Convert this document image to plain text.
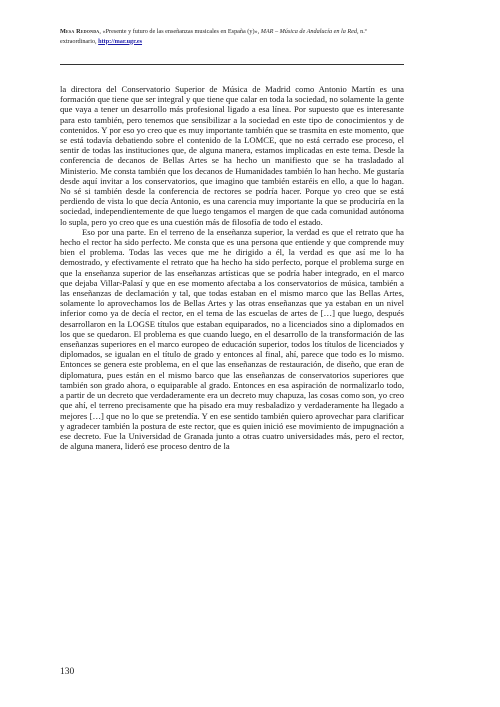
Mesa Redonda, «Presente y futuro de las enseñanzas musicales en España (y)», MAR – Música de Andalucía en la Red, n.º extraordinario, http://mar.ugr.es

la directora del Conservatorio Superior de Música de Madrid como Antonio Martín es una formación que tiene que ser integral y que tiene que calar en toda la sociedad, no solamente la gente que vaya a tener un desarrollo más profesional ligado a esa línea. Por supuesto que es interesante para esto también, pero tenemos que sensibilizar a la sociedad en este tipo de conocimientos y de contenidos. Y por eso yo creo que es muy importante también que se trasmita en este momento, que se está todavía debatiendo sobre el contenido de la LOMCE, que no está cerrado ese proceso, el sentir de todas las instituciones que, de alguna manera, estamos implicadas en este tema. Desde la conferencia de decanos de Bellas Artes se ha hecho un manifiesto que se ha trasladado al Ministerio. Me consta también que los decanos de Humanidades también lo han hecho. Me gustaría desde aquí invitar a los conservatorios, que imagino que también estaréis en ello, a que lo hagan. No sé si también desde la conferencia de rectores se podría hacer. Porque yo creo que se está perdiendo de vista lo que decía Antonio, es una carencia muy importante la que se produciría en la sociedad, independientemente de que luego tengamos el margen de que cada comunidad autónoma lo supla, pero yo creo que es una cuestión más de filosofía de todo el estado.

Eso por una parte. En el terreno de la enseñanza superior, la verdad es que el retrato que ha hecho el rector ha sido perfecto. Me consta que es una persona que entiende y que comprende muy bien el problema. Todas las veces que me he dirigido a él, la verdad es que así me lo ha demostrado, y efectivamente el retrato que ha hecho ha sido perfecto, porque el problema surge en que la enseñanza superior de las enseñanzas artísticas que se podría haber integrado, en el marco que dejaba Villar-Palasí y que en ese momento afectaba a los conservatorios de música, también a las enseñanzas de declamación y tal, que todas estaban en el mismo marco que las Bellas Artes, solamente lo aprovechamos los de Bellas Artes y las otras enseñanzas que ya estaban en un nivel inferior como ya de decía el rector, en el tema de las escuelas de artes de […] que luego, después desarrollaron en la LOGSE títulos que estaban equiparados, no a licenciados sino a diplomados en los que se quedaron. El problema es que cuando luego, en el desarrollo de la transformación de las enseñanzas superiores en el marco europeo de educación superior, todos los títulos de licenciados y diplomados, se igualan en el título de grado y entonces al final, ahí, parece que todo es lo mismo. Entonces se genera este problema, en el que las enseñanzas de restauración, de diseño, que eran de diplomatura, pues están en el mismo barco que las enseñanzas de conservatorios superiores que también son grado ahora, o equiparable al grado. Entonces en esa aspiración de normalizarlo todo, a partir de un decreto que verdaderamente era un decreto muy chapuza, las cosas como son, yo creo que ahí, el terreno precisamente que ha pisado era muy resbaladizo y verdaderamente ha llegado a mejores […] que no lo que se pretendía. Y en ese sentido también quiero aprovechar para clarificar y agradecer también la postura de este rector, que es quien inició ese movimiento de impugnación a ese decreto. Fue la Universidad de Granada junto a otras cuatro universidades más, pero el rector, de alguna manera, lideró ese proceso dentro de la

130
